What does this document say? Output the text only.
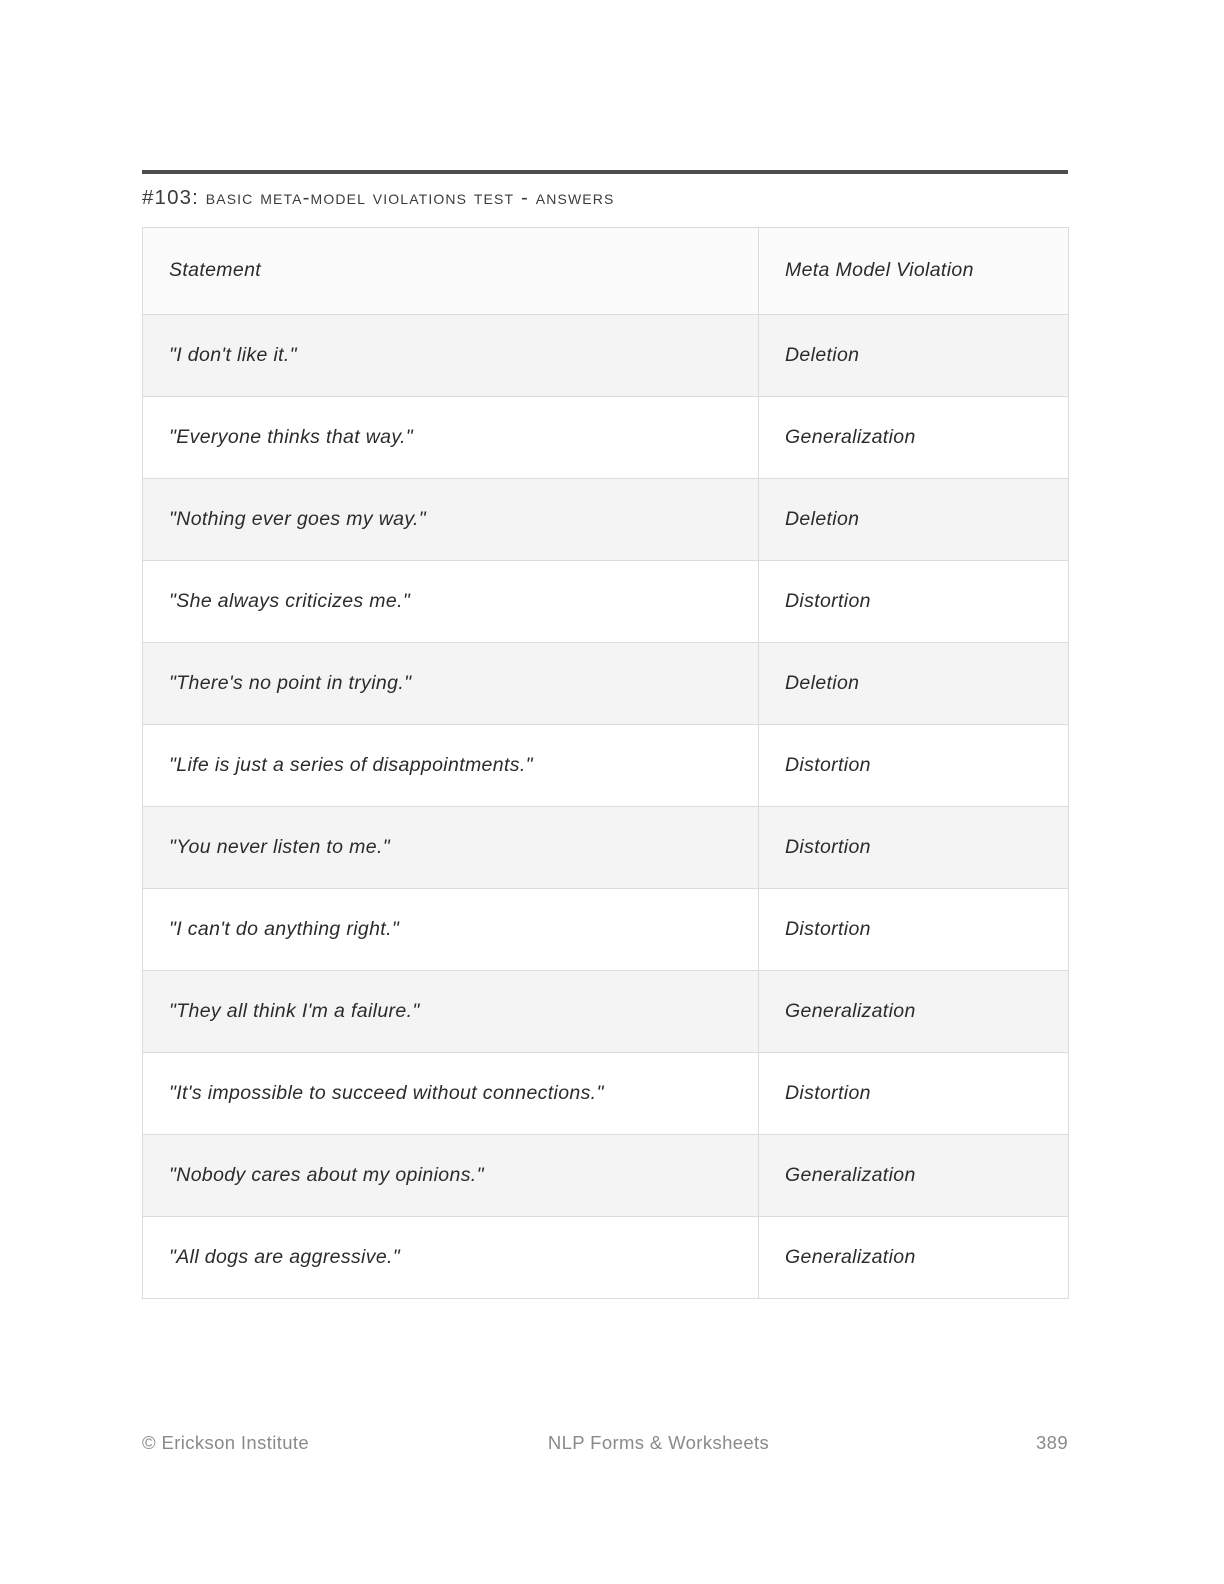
#103: basic meta-model violations test - answers
Statement	Meta Model Violation
"I don't like it."	Deletion
"Everyone thinks that way."	Generalization
"Nothing ever goes my way."	Deletion
"She always criticizes me."	Distortion
"There's no point in trying."	Deletion
"Life is just a series of disappointments."	Distortion
"You never listen to me."	Distortion
"I can't do anything right."	Distortion
"They all think I'm a failure."	Generalization
"It's impossible to succeed without connections."	Distortion
"Nobody cares about my opinions."	Generalization
"All dogs are aggressive."	Generalization
© Erickson Institute	NLP Forms & Worksheets	389
